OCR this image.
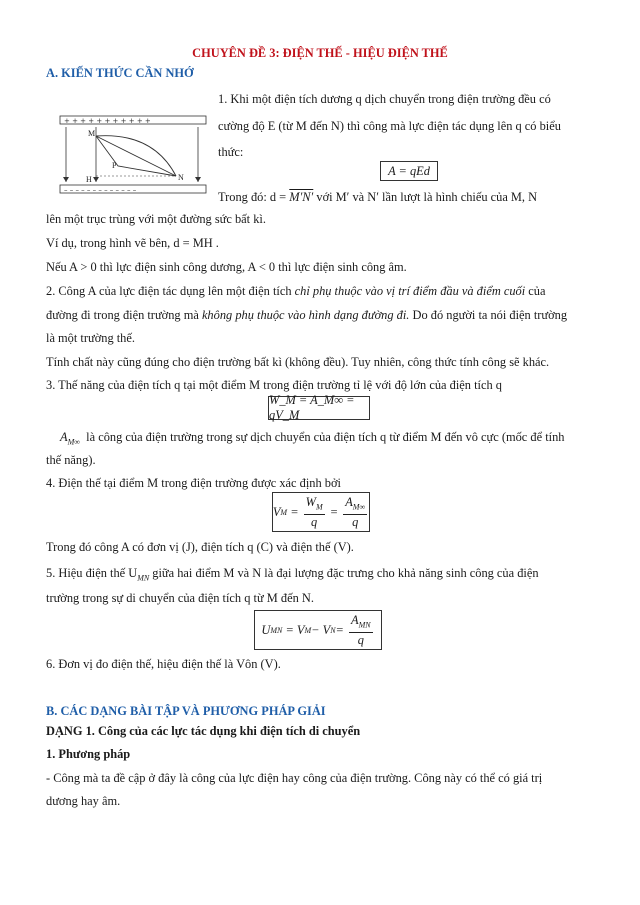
CHUYÊN ĐỀ 3: ĐIỆN THẾ - HIỆU ĐIỆN THẾ
A. KIẾN THỨC CẦN NHỚ
+ + + + + + + + + + +
– – – – – – – – – – – – –
M
P
H	N
1. Khi một điện tích dương q dịch chuyển trong điện trường đều có
cường độ E (từ M đến N) thì công mà lực điện tác dụng lên q có biểu
thức:
A = qEd
Trong đó: d = M′N′ với M′ và N′ lần lượt là hình chiếu của M, N
lên một trục trùng với một đường sức bất kì.
Ví dụ, trong hình vẽ bên, d = MH .
Nếu A > 0 thì lực điện sinh công dương, A < 0 thì lực điện sinh công âm.
2. Công A của lực điện tác dụng lên một điện tích chỉ phụ thuộc vào vị trí điểm đầu và điểm cuối của
đường đi trong điện trường mà không phụ thuộc vào hình dạng đường đi. Do đó người ta nói điện trường
là một trường thế.
Tính chất này cũng đúng cho điện trường bất kì (không đều). Tuy nhiên, công thức tính công sẽ khác.
3. Thế năng của điện tích q tại một điểm M trong điện trường tỉ lệ với độ lớn của điện tích q
W_M = A_M∞ = qV_M
$A_{M\infty}$ là công của điện trường trong sự dịch chuyển của điện tích q từ điểm M đến vô cực (mốc để tính
thế năng).
4. Điện thế tại điểm M trong điện trường được xác định bởi
V $M = \frac{W_M}{q} = \frac{A_{M\infty}}{q}$
Trong đó công A có đơn vị (J), điện tích q (C) và điện thế (V).
5. Hiệu điện thế $U_{MN}$ giữa hai điểm M và N là đại lượng đặc trưng cho khả năng sinh công của điện
trường trong sự di chuyển của điện tích q từ M đến N.
U MN = V M − V $N = \frac{A_{MN}}{q}$
6. Đơn vị đo điện thế, hiệu điện thế là Vôn (V).
B. CÁC DẠNG BÀI TẬP VÀ PHƯƠNG PHÁP GIẢI
DẠNG 1. Công của các lực tác dụng khi điện tích di chuyển
1. Phương pháp
- Công mà ta đề cập ở đây là công của lực điện hay công của điện trường. Công này có thể có giá trị
dương hay âm.
